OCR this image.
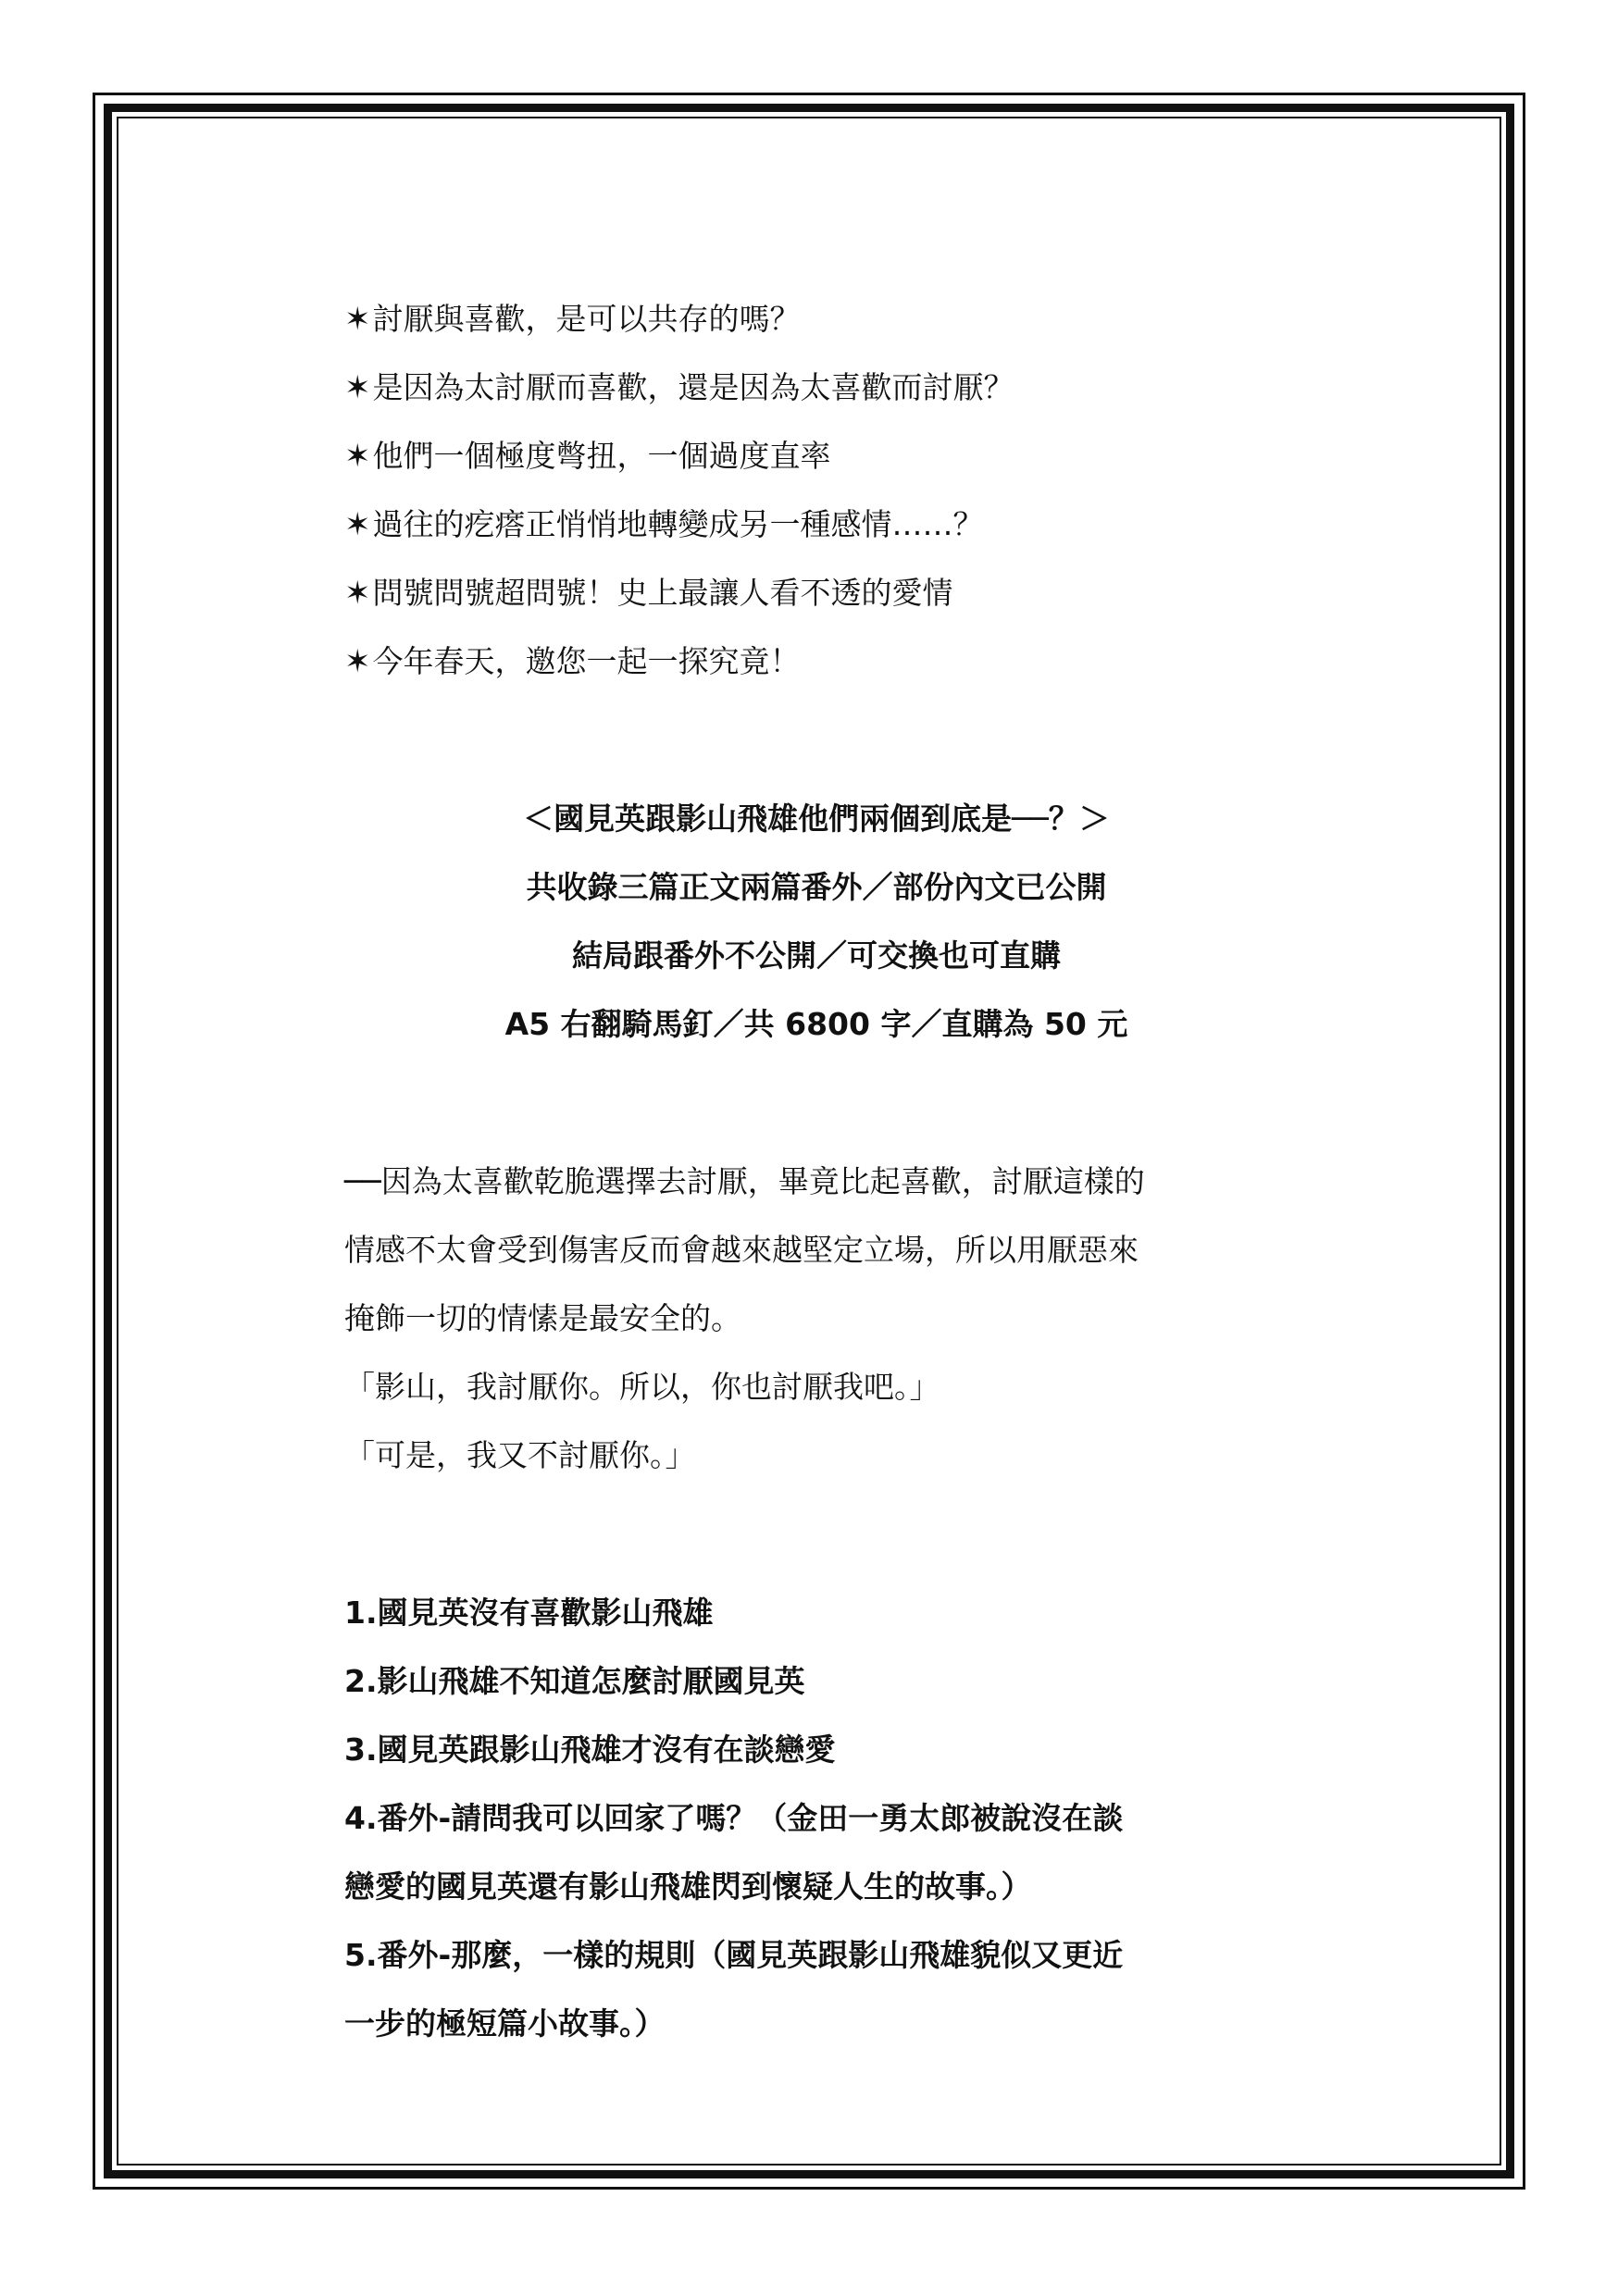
✶討厭與喜歡，是可以共存的嗎？
✶是因為太討厭而喜歡，還是因為太喜歡而討厭？
✶他們一個極度彆扭，一個過度直率
✶過往的疙瘩正悄悄地轉變成另一種感情……？
✶問號問號超問號！史上最讓人看不透的愛情
✶今年春天，邀您一起一探究竟！
＜國見英跟影山飛雄他們兩個到底是──？＞
共收錄三篇正文兩篇番外／部份內文已公開
結局跟番外不公開／可交換也可直購
A5 右翻騎馬釘／共 6800 字／直購為 50 元
──因為太喜歡乾脆選擇去討厭，畢竟比起喜歡，討厭這樣的
情感不太會受到傷害反而會越來越堅定立場，所以用厭惡來
掩飾一切的情愫是最安全的。
「影山，我討厭你。所以，你也討厭我吧。」
「可是，我又不討厭你。」
1.國見英沒有喜歡影山飛雄
2.影山飛雄不知道怎麼討厭國見英
3.國見英跟影山飛雄才沒有在談戀愛
4.番外-請問我可以回家了嗎？（金田一勇太郎被說沒在談
戀愛的國見英還有影山飛雄閃到懷疑人生的故事。）
5.番外-那麼，一樣的規則（國見英跟影山飛雄貌似又更近
一步的極短篇小故事。）
